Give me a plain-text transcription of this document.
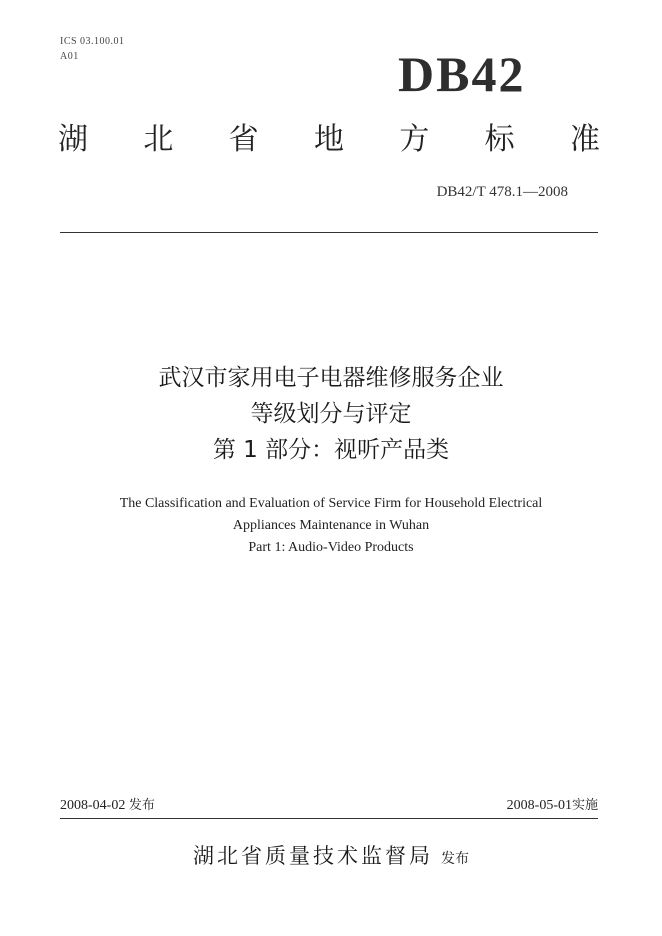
ICS 03.100.01
A01	DB42
湖 北 省 地 方 标 准
DB42/T 478.1—2008
武汉市家用电子电器维修服务企业
等级划分与评定
第 1 部分：视听产品类
The Classification and Evaluation of Service Firm for Household Electrical
Appliances Maintenance in Wuhan
Part 1: Audio-Video Products
2008-04-02 发布	2008-05-01实施
湖北省质量技术监督局 发布
